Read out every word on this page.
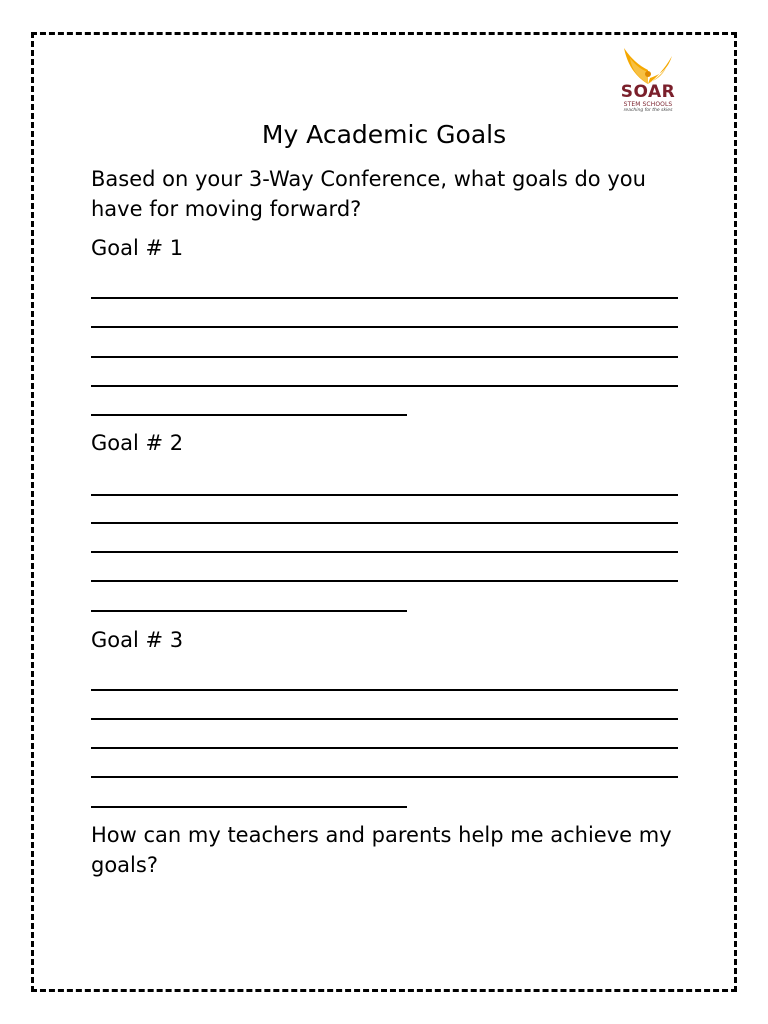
SOAR
STEM SCHOOLS
reaching for the skies
My Academic Goals
Based on your 3-Way Conference, what goals do you have for moving forward?
Goal # 1
Goal # 2
Goal # 3
How can my teachers and parents help me achieve my goals?
